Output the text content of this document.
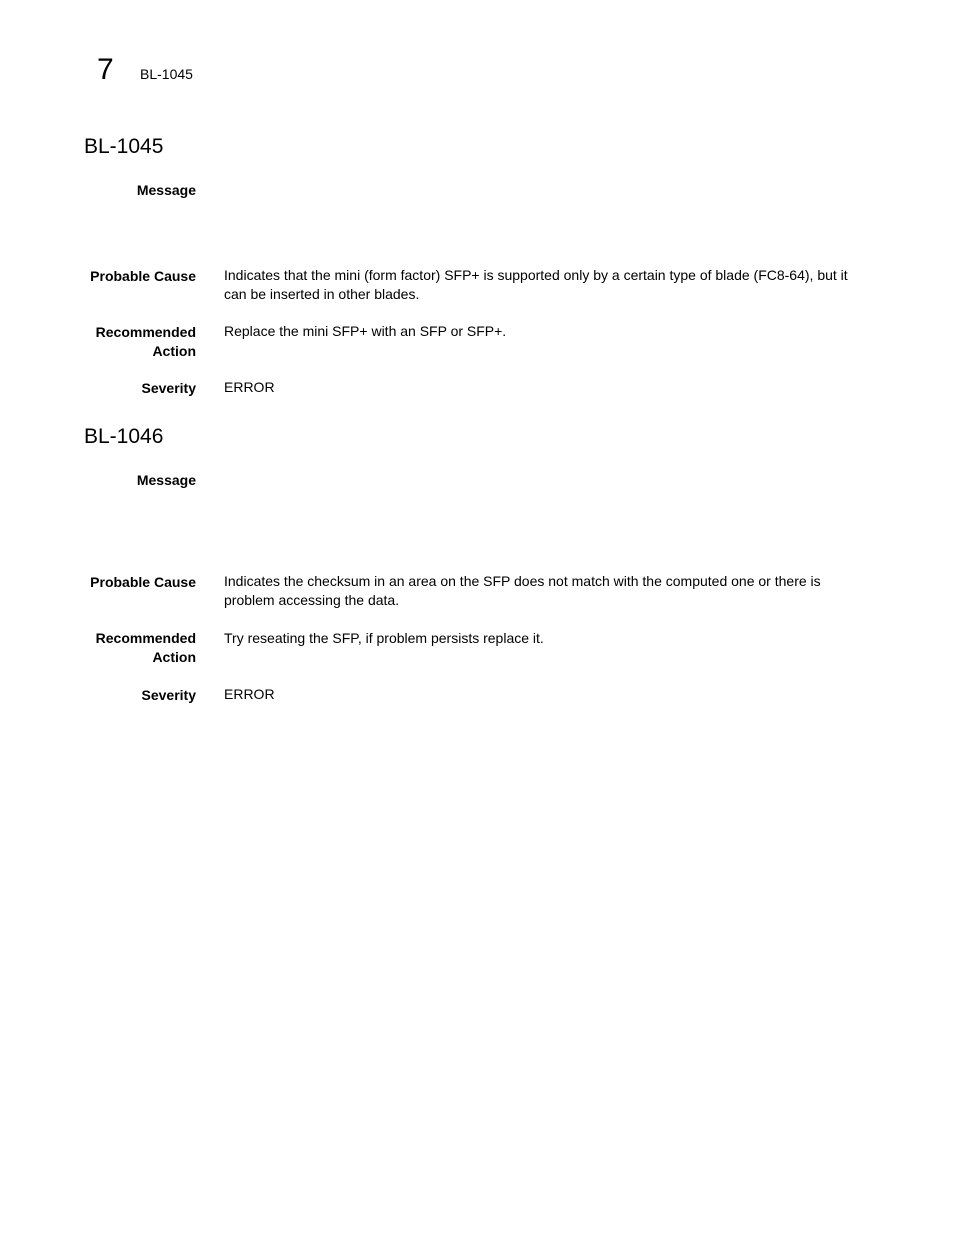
7 BL-1045
BL-1045
Message
Probable Cause Indicates that the mini (form factor) SFP+ is supported only by a certain type of blade (FC8-64), but it can be inserted in other blades.
Recommended
Action
Replace the mini SFP+ with an SFP or SFP+.
Severity ERROR
BL-1046
Message
Probable Cause Indicates the checksum in an area on the SFP does not match with the computed one or there is problem accessing the data.
Recommended
Action
Try reseating the SFP, if problem persists replace it.
Severity ERROR
